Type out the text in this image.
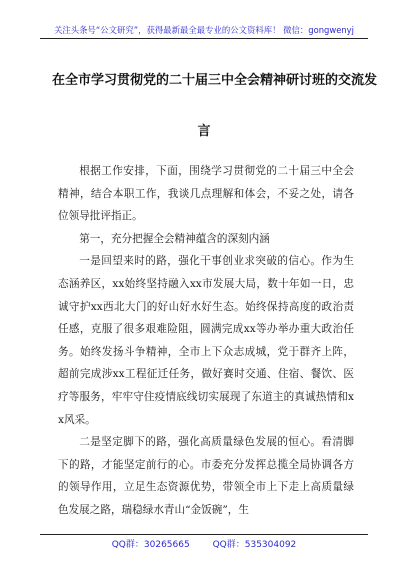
关注头条号“公文研究”，获得最新最全最专业的公文资料库！ 微信：gongwenyj
在全市学习贯彻党的二十届三中全会精神研讨班的交流发
言

根据工作安排，下面，围绕学习贯彻党的二十届三中全会精神，结合本职工作，我谈几点理解和体会，不妥之处，请各位领导批评指正。

第一，充分把握全会精神蕴含的深刻内涵

一是回望来时的路，强化干事创业求突破的信心。作为生态涵养区，xx始终坚持融入xx市发展大局，数十年如一日，忠诚守护xx西北大门的好山好水好生态。始终保持高度的政治责任感，克服了很多艰难险阻，圆满完成xx等办举办重大政治任务。始终发扬斗争精神，全市上下众志成城，党于群齐上阵，超前完成涉xx工程征迁任务，做好赛时交通、住宿、餐饮、医疗等服务，牢牢守住疫情底线切实展现了东道主的真诚热情和xx风采。

二是坚定脚下的路，强化高质量绿色发展的恒心。看清脚下的路，才能坚定前行的心。市委充分发挥总揽全局协调各方的领导作用，立足生态资源优势，带领全市上下走上高质量绿色发展之路，瑞稳绿水青山“金饭碗”，生

QQ群：30265665	QQ群：535304092
